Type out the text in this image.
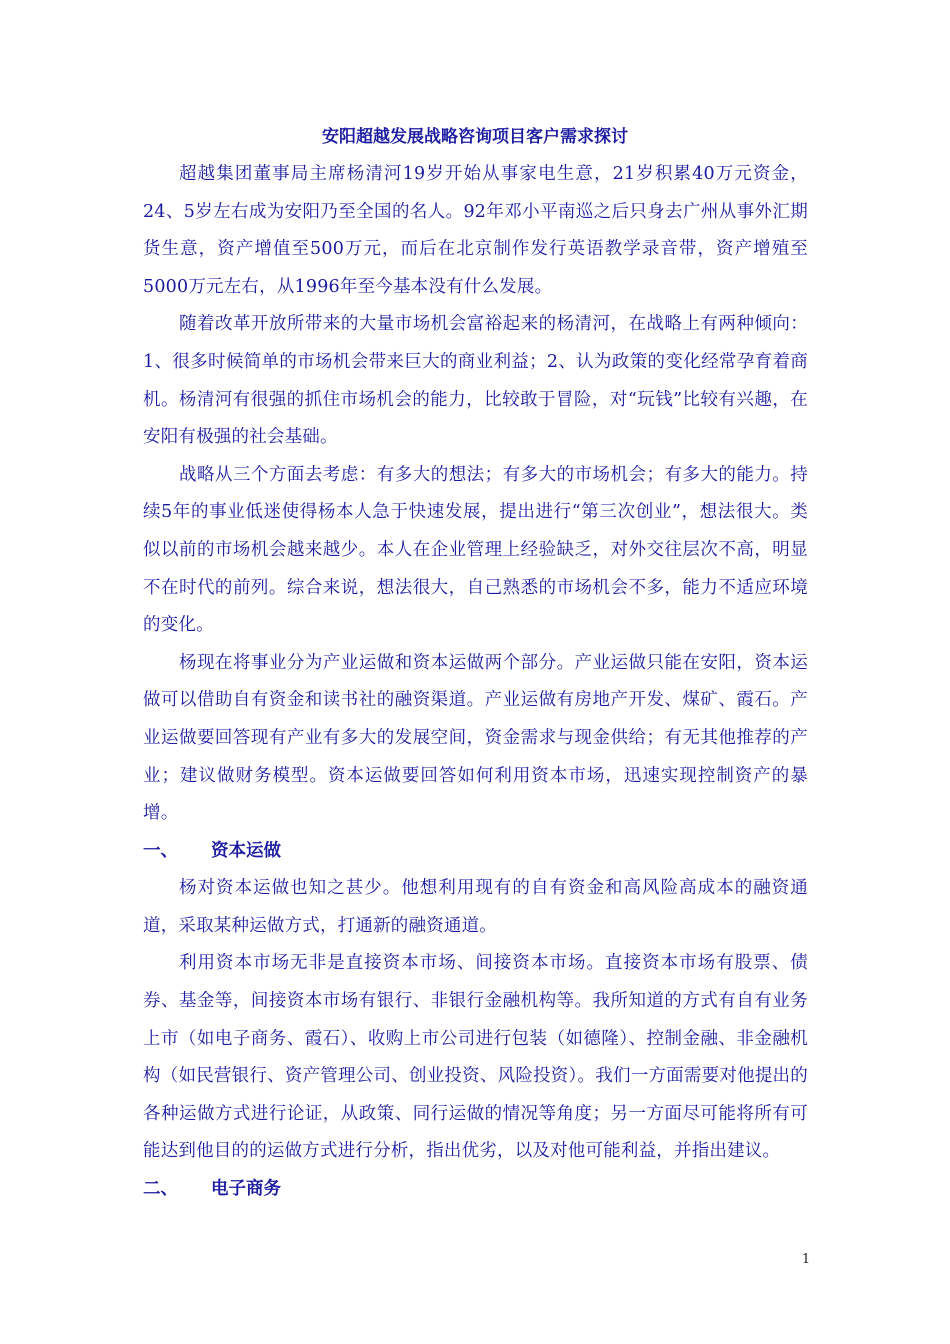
安阳超越发展战略咨询项目客户需求探讨

超越集团董事局主席杨清河19岁开始从事家电生意，21岁积累40万元资金，24、5岁左右成为安阳乃至全国的名人。92年邓小平南巡之后只身去广州从事外汇期货生意，资产增值至500万元，而后在北京制作发行英语教学录音带，资产增殖至5000万元左右，从1996年至今基本没有什么发展。

随着改革开放所带来的大量市场机会富裕起来的杨清河，在战略上有两种倾向：1、很多时候简单的市场机会带来巨大的商业利益；2、认为政策的变化经常孕育着商机。杨清河有很强的抓住市场机会的能力，比较敢于冒险，对“玩钱”比较有兴趣，在安阳有极强的社会基础。

战略从三个方面去考虑：有多大的想法；有多大的市场机会；有多大的能力。持续5年的事业低迷使得杨本人急于快速发展，提出进行“第三次创业”，想法很大。类似以前的市场机会越来越少。本人在企业管理上经验缺乏，对外交往层次不高，明显不在时代的前列。综合来说，想法很大，自己熟悉的市场机会不多，能力不适应环境的变化。

杨现在将事业分为产业运做和资本运做两个部分。产业运做只能在安阳，资本运做可以借助自有资金和读书社的融资渠道。产业运做有房地产开发、煤矿、霞石。产业运做要回答现有产业有多大的发展空间，资金需求与现金供给；有无其他推荐的产业；建议做财务模型。资本运做要回答如何利用资本市场，迅速实现控制资产的暴增。

一、 资本运做

杨对资本运做也知之甚少。他想利用现有的自有资金和高风险高成本的融资通道，采取某种运做方式，打通新的融资通道。

利用资本市场无非是直接资本市场、间接资本市场。直接资本市场有股票、债券、基金等，间接资本市场有银行、非银行金融机构等。我所知道的方式有自有业务上市（如电子商务、霞石）、收购上市公司进行包装（如德隆）、控制金融、非金融机构（如民营银行、资产管理公司、创业投资、风险投资）。我们一方面需要对他提出的各种运做方式进行论证，从政策、同行运做的情况等角度；另一方面尽可能将所有可能达到他目的的运做方式进行分析，指出优劣，以及对他可能利益，并指出建议。

二、 电子商务
1
